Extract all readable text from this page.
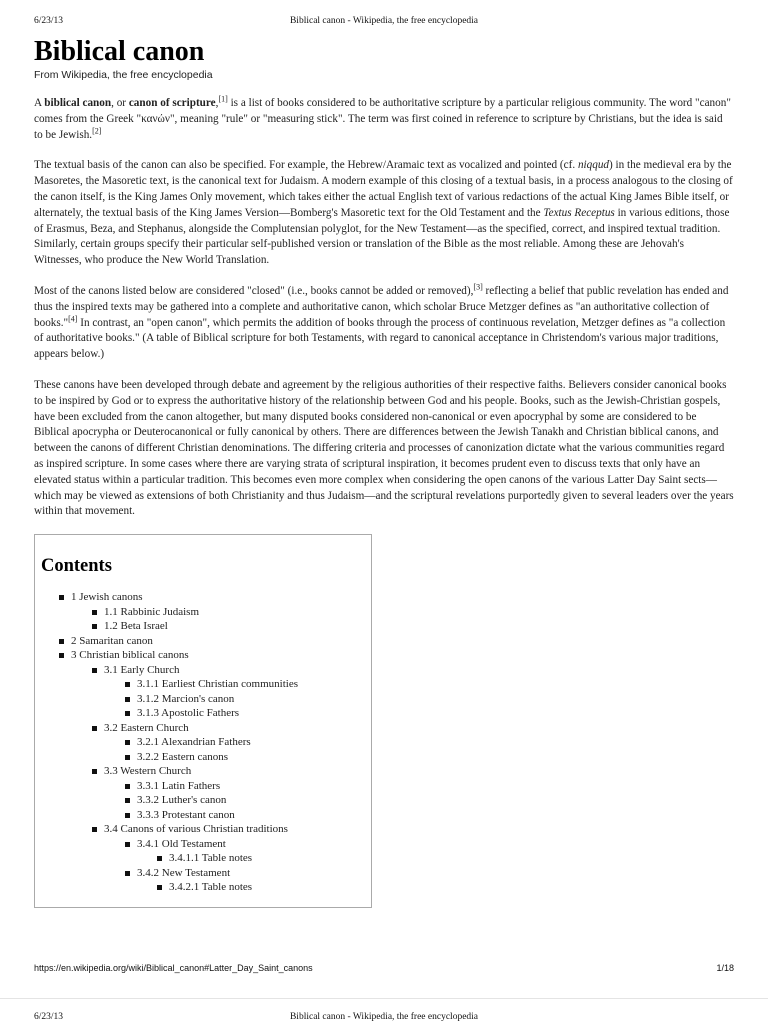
6/23/13	Biblical canon - Wikipedia, the free encyclopedia
Biblical canon
From Wikipedia, the free encyclopedia

A biblical canon, or canon of scripture,[1] is a list of books considered to be authoritative scripture by a particular religious community. The word "canon" comes from the Greek "κανών", meaning "rule" or "measuring stick". The term was first coined in reference to scripture by Christians, but the idea is said to be Jewish.[2]

The textual basis of the canon can also be specified. For example, the Hebrew/Aramaic text as vocalized and pointed (cf. niqqud) in the medieval era by the Masoretes, the Masoretic text, is the canonical text for Judaism. A modern example of this closing of a textual basis, in a process analogous to the closing of the canon itself, is the King James Only movement, which takes either the actual English text of various redactions of the actual King James Bible itself, or alternately, the textual basis of the King James Version—Bomberg's Masoretic text for the Old Testament and the Textus Receptus in various editions, those of Erasmus, Beza, and Stephanus, alongside the Complutensian polyglot, for the New Testament—as the specified, correct, and inspired textual tradition. Similarly, certain groups specify their particular self-published version or translation of the Bible as the most reliable. Among these are Jehovah's Witnesses, who produce the New World Translation.

Most of the canons listed below are considered "closed" (i.e., books cannot be added or removed),[3] reflecting a belief that public revelation has ended and thus the inspired texts may be gathered into a complete and authoritative canon, which scholar Bruce Metzger defines as "an authoritative collection of books."[4] In contrast, an "open canon", which permits the addition of books through the process of continuous revelation, Metzger defines as "a collection of authoritative books." (A table of Biblical scripture for both Testaments, with regard to canonical acceptance in Christendom's various major traditions, appears below.)

These canons have been developed through debate and agreement by the religious authorities of their respective faiths. Believers consider canonical books to be inspired by God or to express the authoritative history of the relationship between God and his people. Books, such as the Jewish-Christian gospels, have been excluded from the canon altogether, but many disputed books considered non-canonical or even apocryphal by some are considered to be Biblical apocrypha or Deuterocanonical or fully canonical by others. There are differences between the Jewish Tanakh and Christian biblical canons, and between the canons of different Christian denominations. The differing criteria and processes of canonization dictate what the various communities regard as inspired scripture. In some cases where there are varying strata of scriptural inspiration, it becomes prudent even to discuss texts that only have an elevated status within a particular tradition. This becomes even more complex when considering the open canons of the various Latter Day Saint sects—which may be viewed as extensions of both Christianity and thus Judaism—and the scriptural revelations purportedly given to several leaders over the years within that movement.

Contents
1 Jewish canons
1.1 Rabbinic Judaism
1.2 Beta Israel
2 Samaritan canon
3 Christian biblical canons
3.1 Early Church
3.1.1 Earliest Christian communities
3.1.2 Marcion's canon
3.1.3 Apostolic Fathers
3.2 Eastern Church
3.2.1 Alexandrian Fathers
3.2.2 Eastern canons
3.3 Western Church
3.3.1 Latin Fathers
3.3.2 Luther's canon
3.3.3 Protestant canon
3.4 Canons of various Christian traditions
3.4.1 Old Testament
3.4.1.1 Table notes
3.4.2 New Testament
3.4.2.1 Table notes
https://en.wikipedia.org/wiki/Biblical_canon#Latter_Day_Saint_canons	1/18
6/23/13	Biblical canon - Wikipedia, the free encyclopedia
